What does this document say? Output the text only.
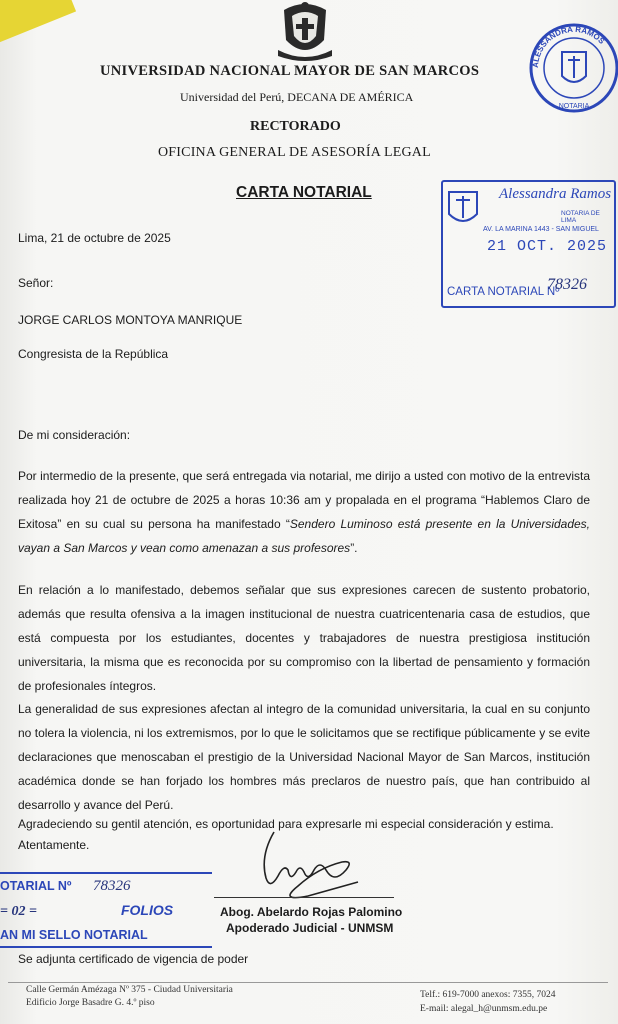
UNIVERSIDAD NACIONAL MAYOR DE SAN MARCOS
Universidad del Perú, DECANA DE AMÉRICA
RECTORADO
OFICINA GENERAL DE ASESORÍA LEGAL
ALESSANDRA RAMOS
NOTARIA
CARTA NOTARIAL	Alessandra Ramos
NOTARIA DE LIMA
AV. LA MARINA 1443 - SAN MIGUEL
21 OCT. 2025
CARTA NOTARIAL Nº
78326
Lima, 21 de octubre de 2025
Señor:
JORGE CARLOS MONTOYA MANRIQUE
Congresista de la República
De mi consideración:
Por intermedio de la presente, que será entregada via notarial, me dirijo a usted con motivo de la entrevista realizada hoy 21 de octubre de 2025 a horas 10:36 am y propalada en el programa “Hablemos Claro de Exitosa” en su cual su persona ha manifestado “Sendero Luminoso está presente en la Universidades, vayan a San Marcos y vean como amenazan a sus profesores”.
En relación a lo manifestado, debemos señalar que sus expresiones carecen de sustento probatorio, además que resulta ofensiva a la imagen institucional de nuestra cuatricentenaria casa de estudios, que está compuesta por los estudiantes, docentes y trabajadores de nuestra prestigiosa institución universitaria, la misma que es reconocida por su compromiso con la libertad de pensamiento y formación de profesionales íntegros.
La generalidad de sus expresiones afectan al integro de la comunidad universitaria, la cual en su conjunto no tolera la violencia, ni los extremismos, por lo que le solicitamos que se rectifique públicamente y se evite declaraciones que menoscaban el prestigio de la Universidad Nacional Mayor de San Marcos, institución académica donde se han forjado los hombres más preclaros de nuestro país, que han contribuido al desarrollo y avance del Perú.
Agradeciendo su gentil atención, es oportunidad para expresarle mi especial consideración y estima.
Atentamente.
Abog. Abelardo Rojas Palomino
Apoderado Judicial - UNMSM
OTARIAL Nº 78326
= 02 =	FOLIOS
AN MI SELLO NOTARIAL
Se adjunta certificado de vigencia de poder
Calle Germán Amézaga Nº 375 - Ciudad Universitaria
Edificio Jorge Basadre G. 4.º piso
Telf.: 619-7000 anexos: 7355, 7024
E-mail: alegal_h@unmsm.edu.pe
